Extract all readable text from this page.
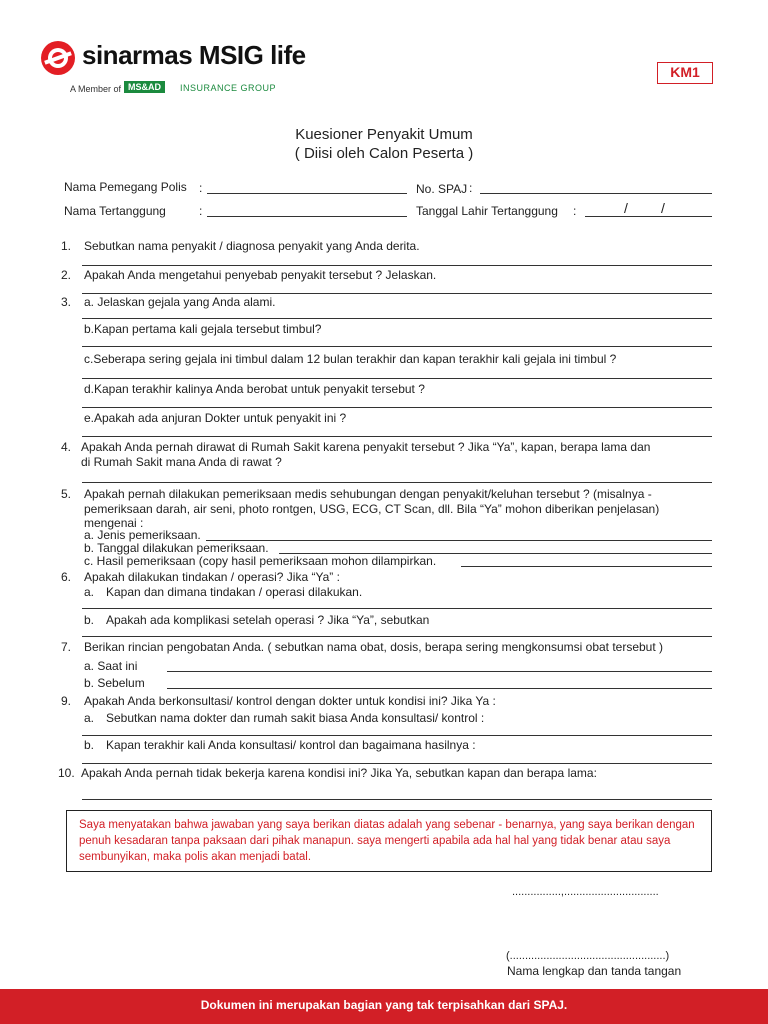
sinarmas MSIG life
A Member of MS&AD	INSURANCE GROUP
KM1
Kuesioner Penyakit Umum
( Diisi oleh Calon Peserta )
Nama Pemegang Polis :	No. SPAJ :
Nama Tertanggung	:	Tanggal Lahir Tertanggung :	/ /
1. Sebutkan nama penyakit / diagnosa penyakit yang Anda derita.
2. Apakah Anda mengetahui penyebab penyakit tersebut ? Jelaskan.
3. a. Jelaskan gejala yang Anda alami.
b.Kapan pertama kali gejala tersebut timbul?
c.Seberapa sering gejala ini timbul dalam 12 bulan terakhir dan kapan terakhir kali gejala ini timbul ?
d.Kapan terakhir kalinya Anda berobat untuk penyakit tersebut ?
e.Apakah ada anjuran Dokter untuk penyakit ini ?
4. Apakah Anda pernah dirawat di Rumah Sakit karena penyakit tersebut ? Jika “Ya”, kapan, berapa lama dan
di Rumah Sakit mana Anda di rawat ?
5. Apakah pernah dilakukan pemeriksaan medis sehubungan dengan penyakit/keluhan tersebut ? (misalnya -
pemeriksaan darah, air seni, photo rontgen, USG, ECG, CT Scan, dll. Bila “Ya” mohon diberikan penjelasan)
mengenai :
a. Jenis pemeriksaan.
b. Tanggal dilakukan pemeriksaan.
c. Hasil pemeriksaan (copy hasil pemeriksaan mohon dilampirkan.
6. Apakah dilakukan tindakan / operasi? Jika “Ya” :
a. Kapan dan dimana tindakan / operasi dilakukan.
b. Apakah ada komplikasi setelah operasi ? Jika “Ya”, sebutkan
7. Berikan rincian pengobatan Anda. ( sebutkan nama obat, dosis, berapa sering mengkonsumsi obat tersebut )
a. Saat ini
b. Sebelum
9. Apakah Anda berkonsultasi/ kontrol dengan dokter untuk kondisi ini? Jika Ya :
a. Sebutkan nama dokter dan rumah sakit biasa Anda konsultasi/ kontrol :
b. Kapan terakhir kali Anda konsultasi/ kontrol dan bagaimana hasilnya :
10. Apakah Anda pernah tidak bekerja karena kondisi ini? Jika Ya, sebutkan kapan dan berapa lama:

Saya menyatakan bahwa jawaban yang saya berikan diatas adalah yang sebenar - benarnya, yang saya berikan dengan penuh kesadaran tanpa paksaan dari pihak manapun. saya mengerti apabila ada hal hal yang tidak benar atau saya sembunyikan, maka polis akan menjadi batal.

................,...............................
(...................................................)
Nama lengkap dan tanda tangan
Dokumen ini merupakan bagian yang tak terpisahkan dari SPAJ.
